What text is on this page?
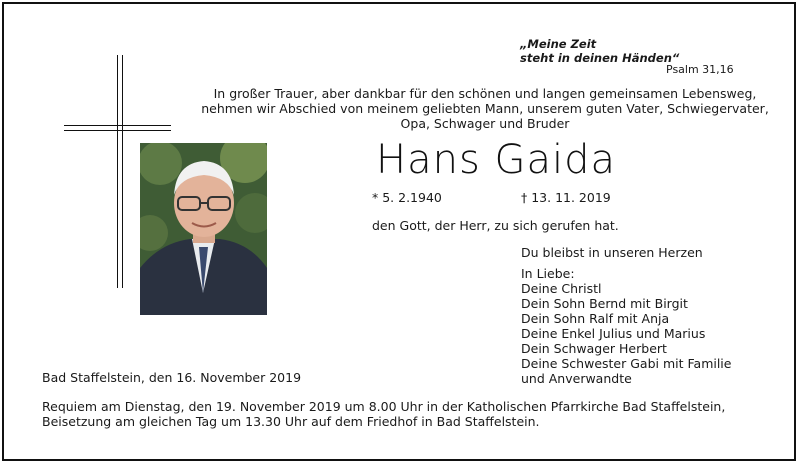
„Meine Zeit
steht in deinen Händen“
Psalm 31,16
In großer Trauer, aber dankbar für den schönen und langen gemeinsamen Lebensweg,
nehmen wir Abschied von meinem geliebten Mann, unserem guten Vater, Schwiegervater,
Opa, Schwager und Bruder
Hans Gaida
* 5. 2.1940	† 13. 11. 2019
den Gott, der Herr, zu sich gerufen hat.
Du bleibst in unseren Herzen
In Liebe:
Deine Christl
Dein Sohn Bernd mit Birgit
Dein Sohn Ralf mit Anja
Deine Enkel Julius und Marius
Dein Schwager Herbert
Deine Schwester Gabi mit Familie
und Anverwandte
Bad Staffelstein, den 16. November 2019
Requiem am Dienstag, den 19. November 2019 um 8.00 Uhr in der Katholischen Pfarrkirche Bad Staffelstein,
Beisetzung am gleichen Tag um 13.30 Uhr auf dem Friedhof in Bad Staffelstein.
